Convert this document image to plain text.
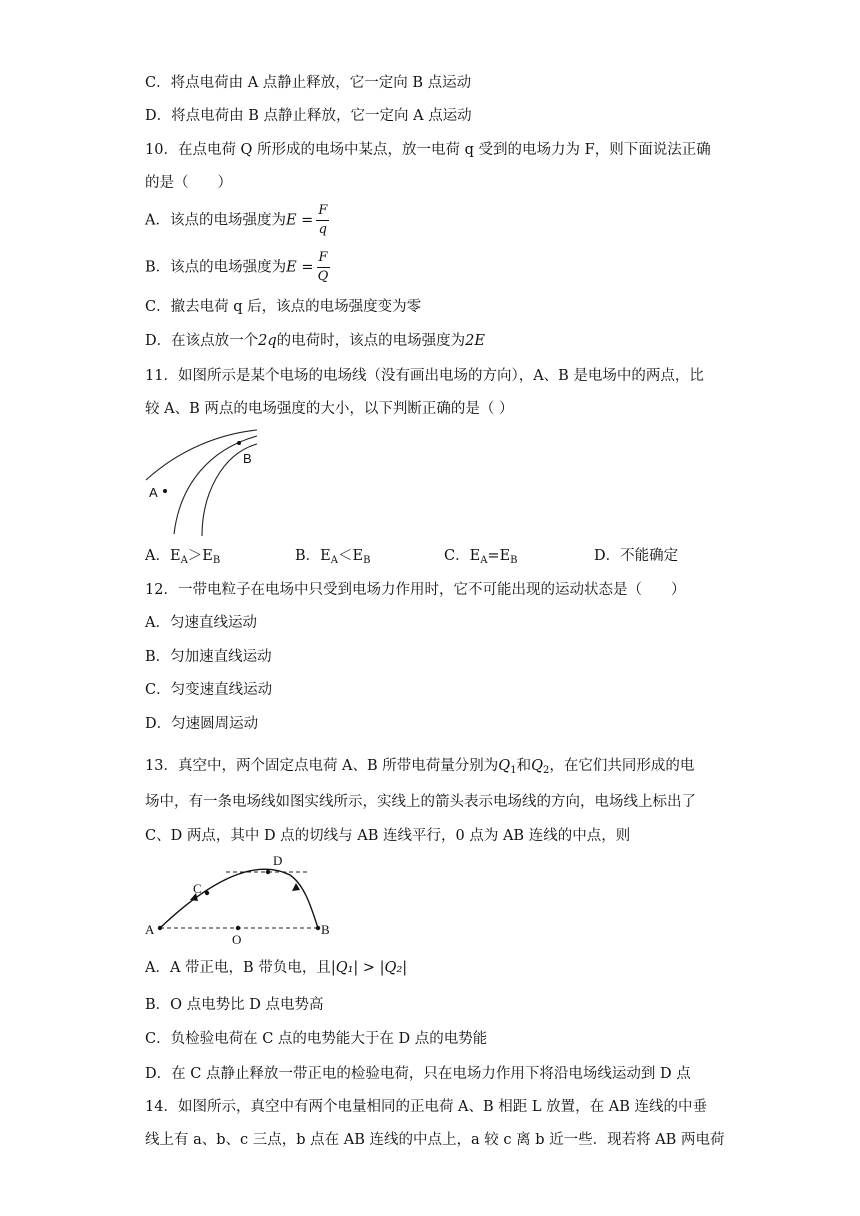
C．将点电荷由 A 点静止释放，它一定向 B 点运动
D．将点电荷由 B 点静止释放，它一定向 A 点运动
10．在点电荷 Q 所形成的电场中某点，放一电荷 q 受到的电场力为 F，则下面说法正确
的是（　　）
A．该点的电场强度为$E = \frac{F}{q}$
B．该点的电场强度为$E = \frac{F}{Q}$
C．撤去电荷 q 后，该点的电场强度变为零
D．在该点放一个2q的电荷时，该点的电场强度为2E
11．如图所示是某个电场的电场线（没有画出电场的方向），A、B 是电场中的两点，比
较 A、B 两点的电场强度的大小，以下判断正确的是（ ）
A
B
A．$E_A>E_B$	B．$E_A<E_B$	C．$E_A=E_B$	D．不能确定
12．一带电粒子在电场中只受到电场力作用时，它不可能出现的运动状态是（　　）
A．匀速直线运动
B．匀加速直线运动
C．匀变速直线运动
D．匀速圆周运动
13．真空中，两个固定点电荷 A、B 所带电荷量分别为$Q_1$和$Q_2$，在它们共同形成的电
场中，有一条电场线如图实线所示，实线上的箭头表示电场线的方向，电场线上标出了
C、D 两点，其中 D 点的切线与 AB 连线平行，0 点为 AB 连线的中点，则
A	B
C
D
O
A．A 带正电，B 带负电，且|Q₁| > |Q₂|
B．O 点电势比 D 点电势高
C．负检验电荷在 C 点的电势能大于在 D 点的电势能
D．在 C 点静止释放一带正电的检验电荷，只在电场力作用下将沿电场线运动到 D 点
14．如图所示，真空中有两个电量相同的正电荷 A、B 相距 L 放置，在 AB 连线的中垂
线上有 a、b、c 三点，b 点在 AB 连线的中点上，a 较 c 离 b 近一些．现若将 AB 两电荷
